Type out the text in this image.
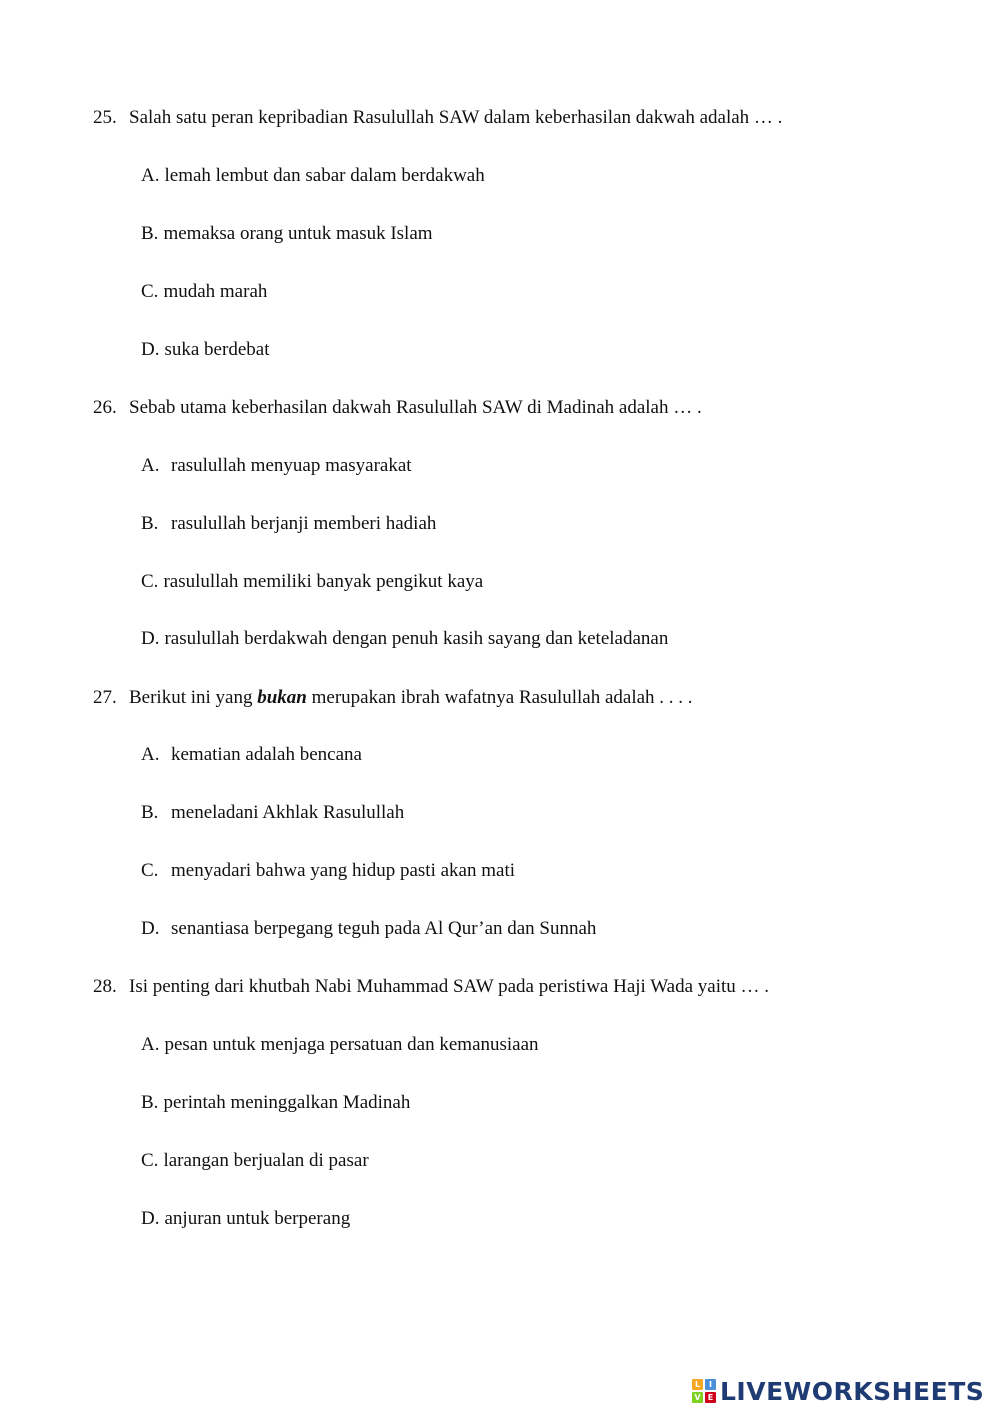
25. Salah satu peran kepribadian Rasulullah SAW dalam keberhasilan dakwah adalah … .
A. lemah lembut dan sabar dalam berdakwah
B. memaksa orang untuk masuk Islam
C. mudah marah
D. suka berdebat
26. Sebab utama keberhasilan dakwah Rasulullah SAW di Madinah adalah … .
A. rasulullah menyuap masyarakat
B. rasulullah berjanji memberi hadiah
C. rasulullah memiliki banyak pengikut kaya
D. rasulullah berdakwah dengan penuh kasih sayang dan keteladanan
27. Berikut ini yang bukan merupakan ibrah wafatnya Rasulullah adalah . . . .
A. kematian adalah bencana
B. meneladani Akhlak Rasulullah
C. menyadari bahwa yang hidup pasti akan mati
D. senantiasa berpegang teguh pada Al Qur’an dan Sunnah
28. Isi penting dari khutbah Nabi Muhammad SAW pada peristiwa Haji Wada yaitu … .
A. pesan untuk menjaga persatuan dan kemanusiaan
B. perintah meninggalkan Madinah
C. larangan berjualan di pasar
D. anjuran untuk berperang
L	I
V E LIVEWORKSHEETS
